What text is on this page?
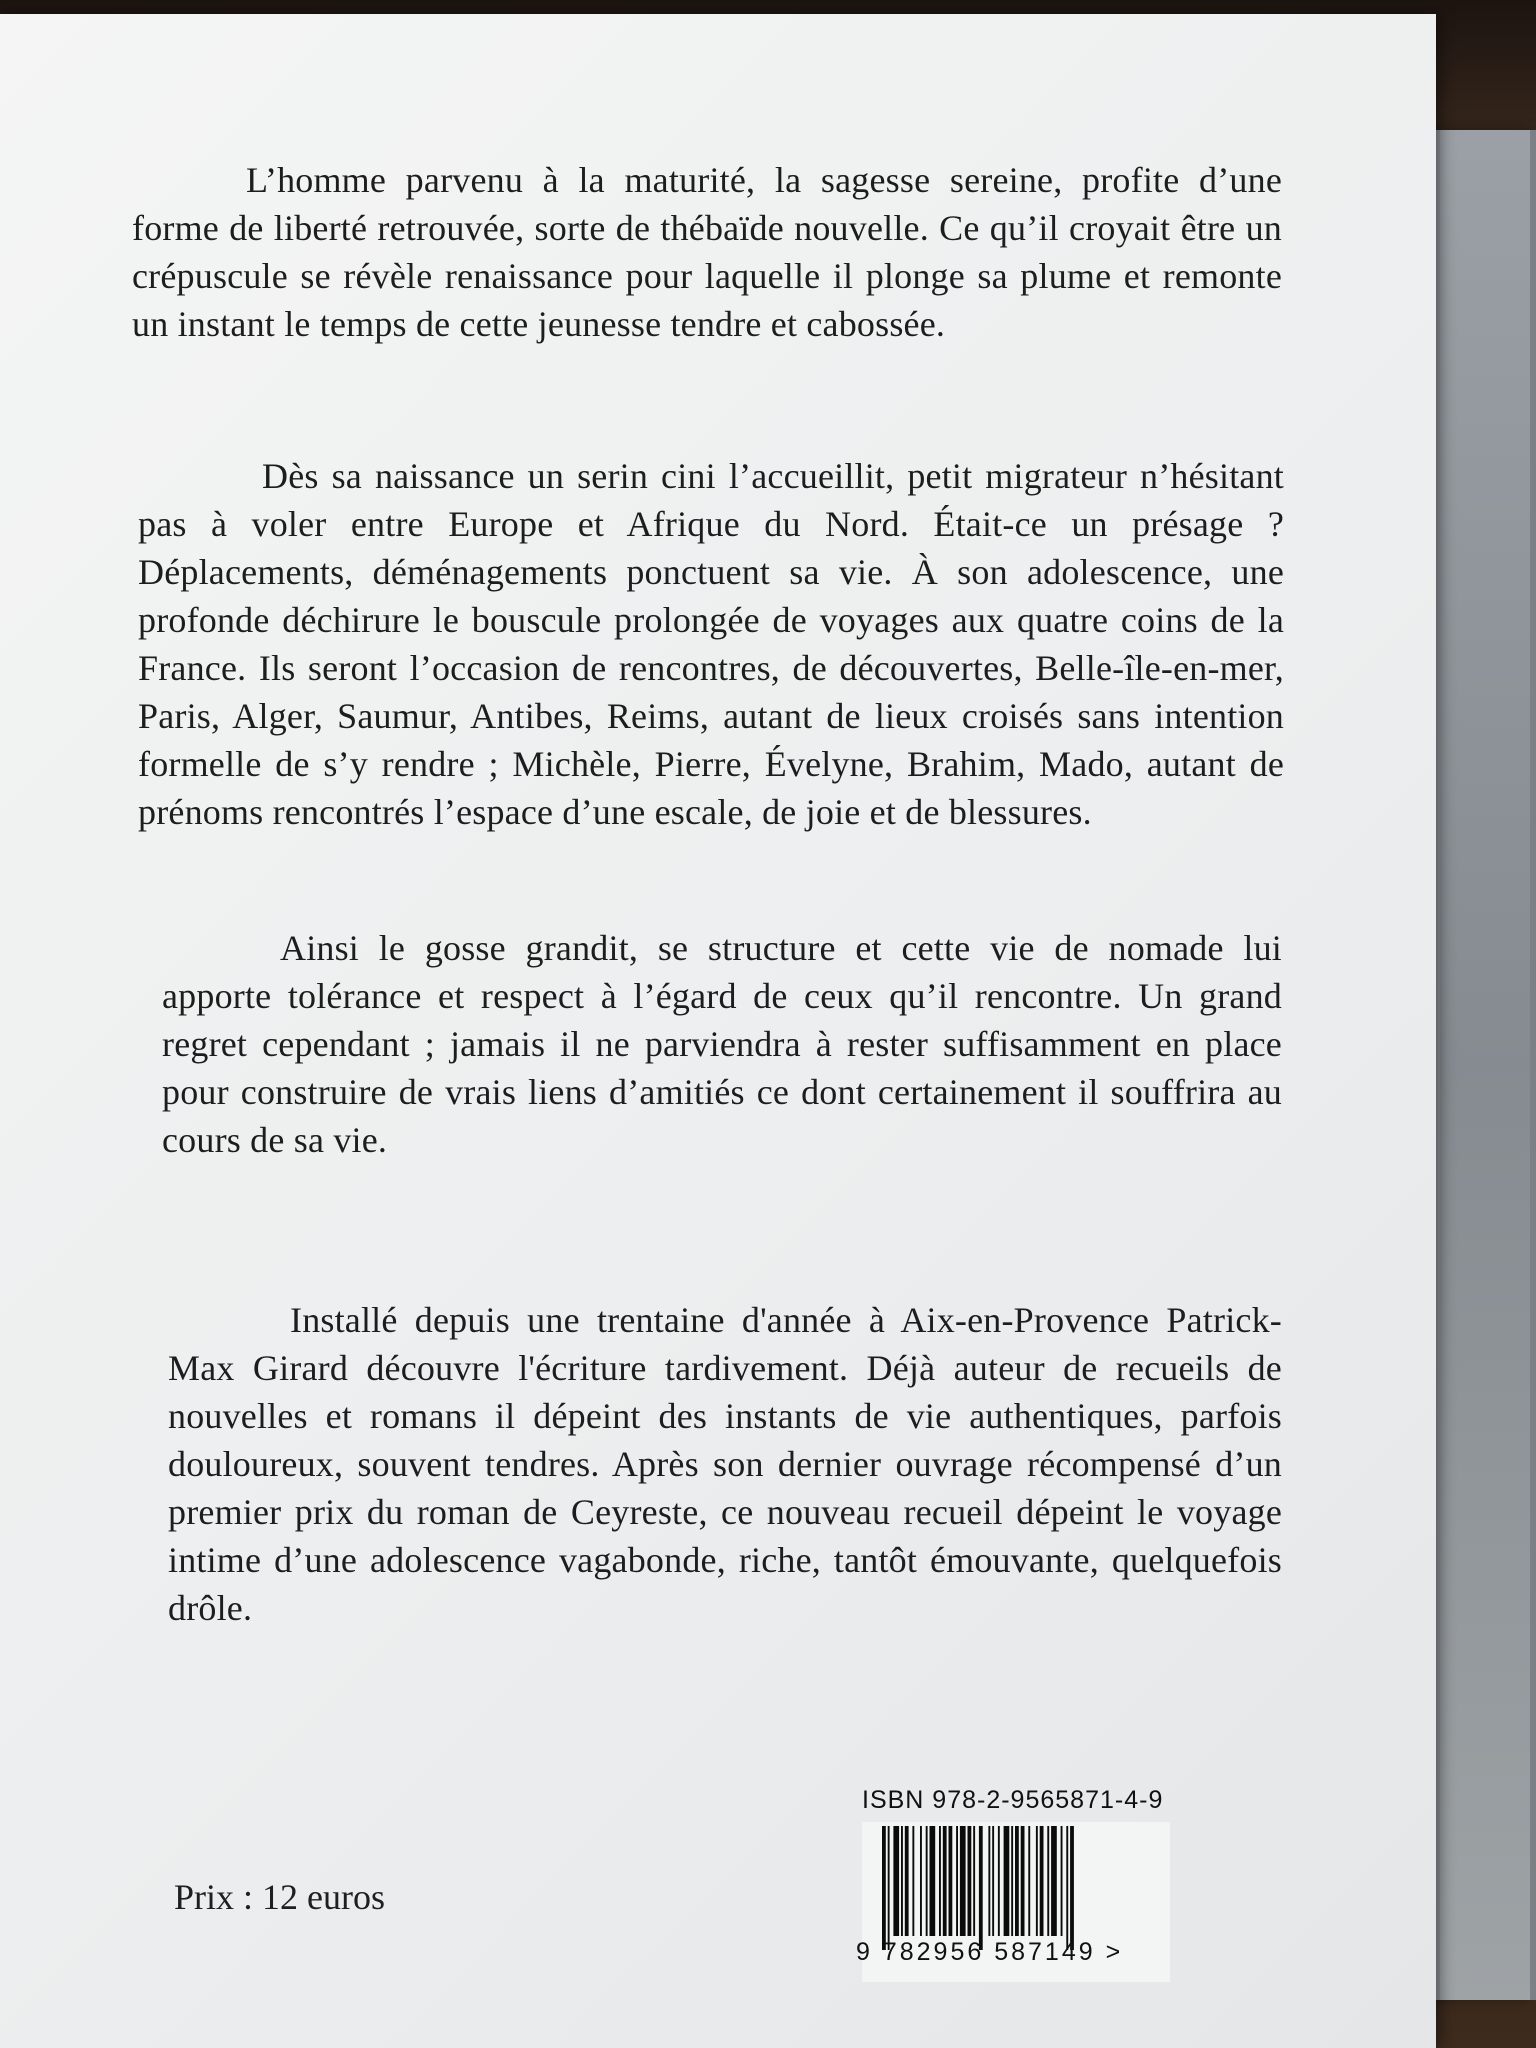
L’homme parvenu à la maturité, la sagesse sereine, profite d’une forme de liberté retrouvée, sorte de thébaïde nouvelle. Ce qu’il croyait être un crépuscule se révèle renaissance pour laquelle il plonge sa plume et remonte un instant le temps de cette jeunesse tendre et cabossée.

Dès sa naissance un serin cini l’accueillit, petit migrateur n’hésitant pas à voler entre Europe et Afrique du Nord. Était-ce un présage ? Déplacements, déménagements ponctuent sa vie. À son adolescence, une profonde déchirure le bouscule prolongée de voyages aux quatre coins de la France. Ils seront l’occasion de rencontres, de découvertes, Belle-île-en-mer, Paris, Alger, Saumur, Antibes, Reims, autant de lieux croisés sans intention formelle de s’y rendre ; Michèle, Pierre, Évelyne, Brahim, Mado, autant de prénoms rencontrés l’espace d’une escale, de joie et de blessures.

Ainsi le gosse grandit, se structure et cette vie de nomade lui apporte tolérance et respect à l’égard de ceux qu’il rencontre. Un grand regret cependant ; jamais il ne parviendra à rester suffisamment en place pour construire de vrais liens d’amitiés ce dont certainement il souffrira au cours de sa vie.

Installé depuis une trentaine d'année à Aix-en-Provence Patrick-Max Girard découvre l'écriture tardivement. Déjà auteur de recueils de nouvelles et romans il dépeint des instants de vie authentiques, parfois douloureux, souvent tendres. Après son dernier ouvrage récompensé d’un premier prix du roman de Ceyreste, ce nouveau recueil dépeint le voyage intime d’une adolescence vagabonde, riche, tantôt émouvante, quelquefois drôle.

Prix : 12 euros
ISBN 978-2-9565871-4-9
9 782956 587149 >
